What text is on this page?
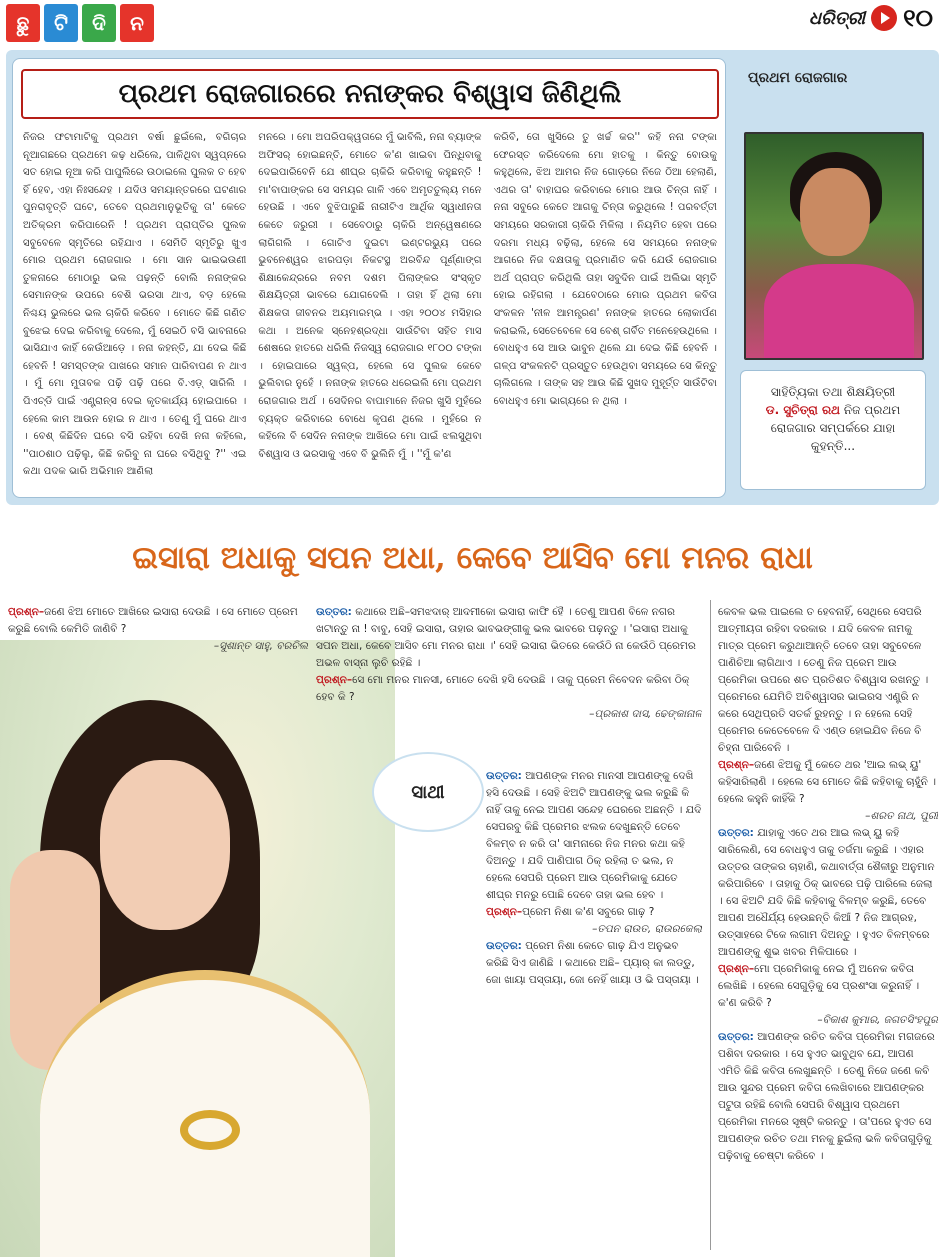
ଛୁ	ଟି	ଦି	ନ	ଧରିତ୍ରୀ ୧୦
ପ୍ରଥମ ରୋଜଗାରରେ ନନାଙ୍କର ବିଶ୍ୱାସ ଜିଣିଥିଲି

ନିଜର ଫଟାମାଟିକୁ ପ୍ରଥମ ବର୍ଷା ଛୁଇଁଲେ, ବଗିଚାର ନୂଆଗଛରେ ପ୍ରଥମେ କଢ଼ ଧରିଲେ, ପାଳିଥିବା ସ୍ୱପ୍ନରେ ସତ ହୋଇ ନୂଆ କରି ପାପୁଲିରେ ଉଠାଇଲେ ପୁଲକ ତ ହେବ ହିଁ ହେବ, ଏହା ନିଃସନ୍ଦେହ । ଯଦିଓ ସମୟାନ୍ତରରେ ଘଟଣାର ପୁନରାବୃତ୍ତି ଘଟେ, ତେବେ ପ୍ରଥମାନୁଭୂତିକୁ ତା' କେତେ ଅତିକ୍ରମ କରିପାରେନି ! ପ୍ରଥମ ପ୍ରାପ୍ତିର ପୁଲକ ସବୁବେଳେ ସ୍ମୃତିରେ ରହିଯାଏ । ସେମିତି ସ୍ମୃତିରୁ ଖୁଏ ମୋର ପ୍ରଥମ ରୋଜଗାର । ମୋ ସାନ ଭାଇଭଉଣୀ ତୁଳନାରେ ମୋଠାରୁ ଭଲ ପଢ଼ନ୍ତି ବୋଲି ନନାଙ୍କର ସେମାନଙ୍କ ଉପରେ ବେଶି ଭରସା ଥାଏ, ବଡ଼ ହେଲେ ନିଶ୍ଚୟ ଭୁଲରେ ଭଲ ଚାକିରି କରିବେ । ମୋତେ କିଛି ଗଣିତ ବୁଝେଇ ଦେଇ କରିବାକୁ ଦେଲେ, ମୁଁ ସେଇଠି ବସି ଭାବନାରେ ଭାସିଯାଏ କାହିଁ କେଉଁଆଡ଼େ । ନନା କହନ୍ତି, ଯା ଦେଇ କିଛି ହେବନି ! ସମସ୍ତଙ୍କ ପାଖରେ ସମାନ ପାରିବାପଣ ନ ଥାଏ । ମୁଁ ମୋ ମୁତାବକ ପଢ଼ି ପଢ଼ି ପରେ ବି.ଏଡ଼୍ ସାରିଲି । ପିଏଚ୍‌ଡି ପାଇଁ ଏଣ୍ଟ୍ରାନ୍ସ ଦେଇ କୃତକାର୍ଯ୍ୟ ହୋଇପାରେ । ହେଲେ କାମ ଆଉନ ହୋଇ ନ ଥାଏ । ତେଣୁ ମୁଁ ଘରେ ଥାଏ । ବେଶ୍ କିଛିଦିନ ଘରେ ବସି ରହିବା ଦେଖି ନନା କହିଲେ, ''ପାଠଶାଠ ପଢ଼ିଲୁ, କିଛି କରିବୁ ନା ଘରେ ବସିଥିବୁ ?'' ଏଇ କଥା ପଦକ ଭାରି ଅଭିମାନ ଆଣିଲା

ମନରେ । ମୋ ଅପରିପକ୍ୱତାରେ ମୁଁ ଭାବିଲି, ନନା ବ୍ୟାଙ୍କ ଅଫିସର୍ ହୋଇଛନ୍ତି, ମୋତେ କ'ଣ ଖାଇବା ପିନ୍ଧିବାକୁ ଦେଇପାରିବେନି ଯେ ଶୀଘ୍ର ଚାକିରି କରିବାକୁ କହୁଛନ୍ତି ! ମା'ବାପାଙ୍କର ସେ ସମୟର ଗାଳି ଏବେ ଅମୃତତୁଲ୍ୟ ମନେ ହେଉଛି । ଏବେ ବୁଝିପାରୁଛି ନାରୀଟିଏ ଆର୍ଥିକ ସ୍ୱାଧୀନତା କେତେ ଜରୁରୀ । ସେବେଠାରୁ ଚାକିରି ଅନ୍ୱେଷଣରେ ଲାଗିଗଲି । ଗୋଟିଏ ଦୁଇଟା ଇଣ୍ଟରଭ୍ୟୁ ପରେ ଭୁବନେଶ୍ୱର ଝାରପଡ଼ା ନିକଟସ୍ଥ ଅରବିନ୍ଦ ପୂର୍ଣ୍ଣାଙ୍ଗ ଶିକ୍ଷାକେନ୍ଦ୍ରରେ ନବମ ଦଶମ ପିଲାଙ୍କର ସଂସ୍କୃତ ଶିକ୍ଷୟିତ୍ରୀ ଭାବରେ ଯୋଗଦେଲି । ତାହା ହିଁ ଥିଲା ମୋ ଶିକ୍ଷକତା ଜୀବନର ଅୟମାରମ୍ଭ । ଏହା ୨୦୦୪ ମସିହାର କଥା । ଅନେକ ସ୍ନେହଶ୍ରଦ୍ଧା ସାଉଁଟିବା ସହିତ ମାସ ଶେଷରେ ହାତରେ ଧରିଲି ନିଜସ୍ୱ ରୋଜଗାର ୧୮୦୦ ଟଙ୍କା । ହୋଇପାରେ ସ୍ୱଳ୍ପ, ହେଲେ ସେ ପୁଲକ କେବେ ଭୁଲିବାର ନୁହେଁ । ନନାଙ୍କ ହାତରେ ଧରେଇଲି ମୋ ପ୍ରଥମ ରୋଜଗାର ଅର୍ଥ । ସେଦିନର ବାପାମାନେ ନିଜର ଖୁସି ମୁହଁରେ ବ୍ୟକ୍ତ କରିବାରେ ବୋଧେ କୃପଣ ଥିଲେ । ମୁହଁରେ ନ କହିଲେ ବି ସେଦିନ ନନାଙ୍କ ଆଖିରେ ମୋ ପାଇଁ ଝଲସୁଥିବା ବିଶ୍ୱାସ ଓ ଭରସାକୁ ଏବେ ବି ଭୁଲିନି ମୁଁ । ''ମୁଁ କ'ଣ

କରିବି, ତୋ ଖୁସିରେ ତୁ ଖର୍ଚ୍ଚ କର'' କହି ନନା ଟଙ୍କା ଫେରସ୍ତ କରିଦେଲେ ମୋ ହାତକୁ । କିନ୍ତୁ ବୋଉକୁ କହୁଥିଲେ, ଝିଅ ଆମର ନିଜ ଗୋଡ଼ରେ ନିଜେ ଠିଆ ହେଲାଣି, ଏଥର ତା' ବାହାଘର କରିବାରେ ମୋର ଆଉ ଚିନ୍ତା ନାହିଁ । ନନା ସବୁରେ କେତେ ଆଗକୁ ଚିନ୍ତା କରୁଥିଲେ ! ପରବର୍ତ୍ତୀ ସମୟରେ ସରକାରୀ ଚାକିରି ମିଳିଲା । ନିୟମିତ ହେବା ପରେ ଦରମା ମଧ୍ୟ ବଢ଼ିଲା, ହେଲେ ସେ ସମୟରେ ନନାଙ୍କ ଆଗରେ ନିଜ ଦକ୍ଷତାକୁ ପ୍ରମାଣିତ କରି ଯେଉଁ ରୋଜଗାର ଅର୍ଥ ପ୍ରାପ୍ତ କରିଥିଲି ତାହା ସବୁଦିନ ପାଇଁ ଅଲିଭା ସ୍ମୃତି ହୋଇ ରହିଗଲା । ଯେବେଠାରେ ମୋର ପ୍ରଥମ କବିତା ସଂକଳନ 'ନୀଳ ଆମନ୍ତ୍ରଣ' ନନାଙ୍କ ହାତରେ ଲୋକାର୍ପଣ କରାଇଲି, ସେତେବେଳେ ସେ ବେଶ୍ ଗର୍ବିତ ମନେହେଉଥିଲେ । ବୋଧହୁଏ ସେ ଆଉ ଭାବୁନ ଥିଲେ ଯା ଦେଇ କିଛି ହେବନି । ଗଳ୍ପ ସଂକଳନଟି ପ୍ରସ୍ତୁତ ହେଉଥିବା ସମୟରେ ସେ କିନ୍ତୁ ଚାଲିଗଲେ । ତାଙ୍କ ସହ ଆଉ କିଛି ସୁଖଦ ମୁହୂର୍ତ୍ତ ସାଉଁଟିବା ବୋଧହୁଏ ମୋ ଭାଗ୍ୟରେ ନ ଥିଲା ।

ପ୍ରଥମ ରୋଜଗାର
ସାହିତ୍ୟିକା ତଥା ଶିକ୍ଷୟିତ୍ରୀ
ଡ. ସୁଚିତ୍ରା ରଥ ନିଜ ପ୍ରଥମ ରୋଜଗାର ସମ୍ପର୍କରେ ଯାହା କୁହନ୍ତି...
ଇସାରା ଅଧାକୁ ସପନ ଅଧା, କେବେ ଆସିବ ମୋ ମନର ରାଧା
ପ୍ରଶ୍ନ–ଜଣେ ଝିଅ ମୋତେ ଆଖିରେ ଇସାରା ଦେଉଛି । ସେ ମୋତେ ପ୍ରେମ କରୁଛି ବୋଲି କେମିତି ଜାଣିବି ?
–ସୁଶାନ୍ତ ସାହୁ, ବରଚିଲ
ସାଥୀ
ଉତ୍ତର: କଥାରେ ଅଛି–ସମଝଦାର୍ ଆଦମୀକୋ ଇସାରା କାଫି ହୈ । ତେଣୁ ଆପଣ ବିଳେ ନଗର ଖଟାନ୍ତୁ ନା ! ବାବୁ, ସେହି ଇସାରା, ତାହାର ଭାବଭଙ୍ଗୀକୁ ଭଲ ଭାବରେ ପଢ଼ନ୍ତୁ । 'ଇସାରା ଅଧାକୁ ସପନ ଅଧା, କେବେ ଆସିବ ମୋ ମନର ରାଧା ।' ସେହି ଇସାରା ଭିତରେ କେଉଁଠି ନା କେଉଁଠି ପ୍ରେମର ଅଭଳ ବାସ୍ନା ଲୁଚି ରହିଛି ।
ପ୍ରଶ୍ନ–ସେ ମୋ ମନର ମାନସୀ, ମୋତେ ଦେଖି ହସି ଦେଉଛି । ତାକୁ ପ୍ରେମ ନିବେଦନ କରିବା ଠିକ୍ ହେବ କି ?
–ପ୍ରକାଶ ଦାସ, ଢେଙ୍କାନାଳ
ଉତ୍ତର: ଆପଣଙ୍କ ମନର ମାନସୀ ଆପଣଙ୍କୁ ଦେଖି ହସି ଦେଉଛି । ସେହି ଝିଅଟି ଆପଣଙ୍କୁ ଭଲ କରୁଛି କି ନାହିଁ ତାକୁ ନେଇ ଆପଣ ସନ୍ଦେହ ଘେରରେ ଅଛନ୍ତି । ଯଦି ସେପରବୁ କିଛି ପ୍ରେମର ଝଲକ ଦେଖୁଛନ୍ତି ତେବେ ବିଳମ୍ବ ନ କରି ତା' ସାମନାରେ ନିଜ ମନର କଥା କହି ଦିଅନ୍ତୁ । ଯଦି ପାଣିପାଗ ଠିକ୍ ରହିଲା ତ ଭଲ, ନ ହେଲେ ସେପରି ପ୍ରେମ ଆଉ ପ୍ରେମିକାକୁ ଯେତେ ଶୀଘ୍ର ମନରୁ ପୋଛି ଦେବେ ତାହା ଭଲ ହେବ ।
ପ୍ରଶ୍ନ–ପ୍ରେମ ନିଶା କ'ଣ ସବୁରେ ଗାଢ଼ ?
–ତପନ ରାଉତ, ରାଉରକେଲା
ଉତ୍ତର: ପ୍ରେମ ନିଶା କେତେ ଗାଢ଼ ଯିଏ ଅନୁଭବ କରିଛି ସିଏ ଜାଣିଛି । କଥାରେ ଅଛି– ପ୍ୟାର୍ କା ଲଡ୍ଡୁ, ଜୋ ଖାୟା ପସ୍ତାୟା, ଜୋ ନେହିଁ ଖାୟା ଓ ଭି ପସ୍ତାୟା ।
କେବଳ ଭଲ ପାଇଲେ ତ ହେବନାହିଁ, ସେଥିରେ ସେପରି ଆତ୍ମୀୟତା ରହିବା ଦରକାର । ଯଦି କେବଳ ନାମକୁ ମାତ୍ର ପ୍ରେମ କରୁଥାଆନ୍ତି ତେବେ ତାହା ସବୁବେଳେ ପାଣିଚିଆ ଲାଗିଥାଏ । ତେଣୁ ନିଜ ପ୍ରେମ ଆଉ ପ୍ରେମିକା ଉପରେ ଶତ ପ୍ରତିଶତ ବିଶ୍ୱାସ ରଖନ୍ତୁ । ପ୍ରେମରେ ଯେମିତି ଅବିଶ୍ୱାସର ଭାଇରସ ଏଣ୍ଟ୍ରି ନ କରେ ସେଥିପ୍ରତି ସତର୍କ ରୁହନ୍ତୁ । ନ ହେଲେ ସେହି ପ୍ରେମର କେତେବେଳେ ଦି ଏଣ୍ଡ ହୋଇଯିବ ନିଜେ ବି ଚିହ୍ନା ପାରିବେନି ।
ପ୍ରଶ୍ନ–ଜଣେ ଝିଅକୁ ମୁଁ କେତେ ଥର 'ଆଇ ଲଭ୍ ୟୁ' କହିସାରିଲାଣି । ହେଲେ ସେ ମୋତେ କିଛି କହିବାକୁ ଚାହୁଁନି । ହେଲେ କହୁନି କାହିଁକି ?
–ଶରତ ନାଥ, ପୁରୀ
ଉତ୍ତର: ଯାହାକୁ ଏତେ ଥର ଆଇ ଲଭ୍ ୟୁ କହି ସାରିଲେଣି, ସେ ବୋଧହୁଏ ତାକୁ ତର୍ଜମା କରୁଛି । ଏହାର ଉତ୍ତର ତାଙ୍କର ଚାହାଣି, କଥାବାର୍ତ୍ତା ଶୈଳୀରୁ ଅନୁମାନ କରିପାରିବେ । ତାହାକୁ ଠିକ୍ ଭାବରେ ପଢ଼ି ପାରିଲେ ଜେଲା । ସେ ଝିଅଟି ଯଦି କିଛି କହିବାକୁ ବିଳମ୍ବ କରୁଛି, ତେବେ ଆପଣ ଅଧୈର୍ଯ୍ୟ ହେଉଛନ୍ତି କିଆଁ ? ନିଜ ଆଗ୍ରହ, ଉତ୍ସାହରେ ଟିକେ ଲଗାମ ଦିଅନ୍ତୁ । ହୁଏତ ବିଳମ୍ବରେ ଆପଣଙ୍କୁ ଶୁଭ ଖବର ମିଳିପାରେ ।
ପ୍ରଶ୍ନ–ମୋ ପ୍ରେମିକାକୁ ନେଇ ମୁଁ ଅନେକ କବିତା ଲେଖିଛି । ହେଲେ ସେଗୁଡ଼ିକୁ ସେ ପ୍ରଶଂସା କରୁନାହିଁ । କ'ଣ କରିବି ?
–ବିକାଶ କୁମାର, ଜଗତସିଂହପୁର
ଉତ୍ତର: ଆପଣଙ୍କ ରଚିତ କବିତା ପ୍ରେମିକା ମଗଜରେ ପଶିବା ଦରକାର । ସେ ହୁଏତ ଭାବୁଥିବ ଯେ, ଆପଣ ଏମିତି କିଛି କବିତା ଲେଖୁଛନ୍ତି । ତେଣୁ ନିଜେ ଜଣେ କବି ଆଉ ସୁନ୍ଦର ପ୍ରେମ କବିତା ଲେଖିବାରେ ଆପଣଙ୍କର ପଟୁତା ରହିଛି ବୋଲି ସେପରି ବିଶ୍ୱାସ ପ୍ରଥମେ ପ୍ରେମିକା ମନରେ ସୃଷ୍ଟି କରନ୍ତୁ । ତା'ପରେ ହୁଏତ ସେ ଆପଣଙ୍କ ରଚିତ ତଥା ମନକୁ ଛୁଇଁଲା ଭଳି କବିତାଗୁଡ଼ିକୁ ପଢ଼ିବାକୁ ଚେଷ୍ଟା କରିବେ ।
